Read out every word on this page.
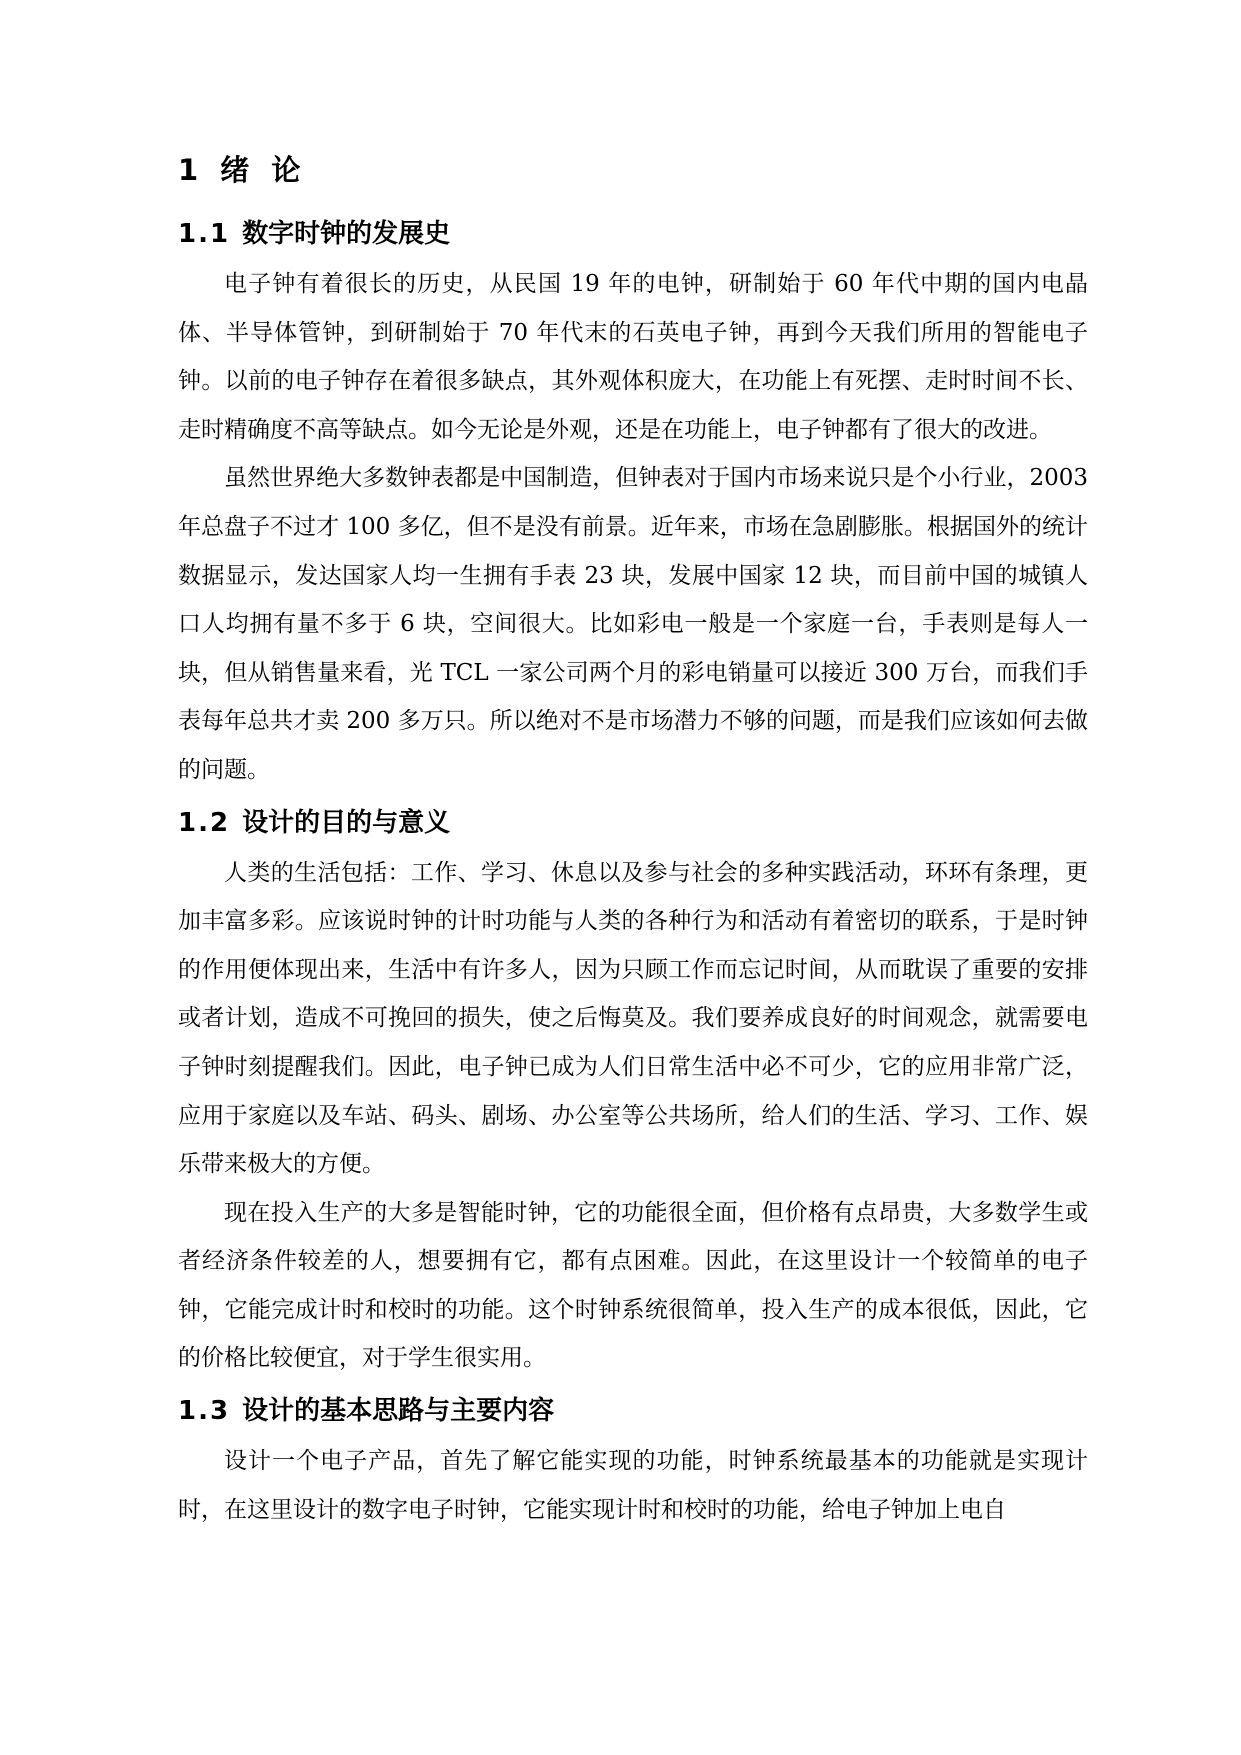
1 绪 论
1.1 数字时钟的发展史

电子钟有着很长的历史，从民国 19 年的电钟，研制始于 60 年代中期的国内电晶体、半导体管钟，到研制始于 70 年代末的石英电子钟，再到今天我们所用的智能电子钟。以前的电子钟存在着很多缺点，其外观体积庞大，在功能上有死摆、走时时间不长、走时精确度不高等缺点。如今无论是外观，还是在功能上，电子钟都有了很大的改进。

虽然世界绝大多数钟表都是中国制造，但钟表对于国内市场来说只是个小行业，2003 年总盘子不过才 100 多亿，但不是没有前景。近年来，市场在急剧膨胀。根据国外的统计数据显示，发达国家人均一生拥有手表 23 块，发展中国家 12 块，而目前中国的城镇人口人均拥有量不多于 6 块，空间很大。比如彩电一般是一个家庭一台，手表则是每人一块，但从销售量来看，光 TCL 一家公司两个月的彩电销量可以接近 300 万台，而我们手表每年总共才卖 200 多万只。所以绝对不是市场潜力不够的问题，而是我们应该如何去做的问题。

1.2 设计的目的与意义

人类的生活包括：工作、学习、休息以及参与社会的多种实践活动，环环有条理，更加丰富多彩。应该说时钟的计时功能与人类的各种行为和活动有着密切的联系，于是时钟的作用便体现出来，生活中有许多人，因为只顾工作而忘记时间，从而耽误了重要的安排或者计划，造成不可挽回的损失，使之后悔莫及。我们要养成良好的时间观念，就需要电子钟时刻提醒我们。因此，电子钟已成为人们日常生活中必不可少，它的应用非常广泛，应用于家庭以及车站、码头、剧场、办公室等公共场所，给人们的生活、学习、工作、娱乐带来极大的方便。

现在投入生产的大多是智能时钟，它的功能很全面，但价格有点昂贵，大多数学生或者经济条件较差的人，想要拥有它，都有点困难。因此，在这里设计一个较简单的电子钟，它能完成计时和校时的功能。这个时钟系统很简单，投入生产的成本很低，因此，它的价格比较便宜，对于学生很实用。

1.3 设计的基本思路与主要内容

设计一个电子产品，首先了解它能实现的功能，时钟系统最基本的功能就是实现计时，在这里设计的数字电子时钟，它能实现计时和校时的功能，给电子钟加上电自
